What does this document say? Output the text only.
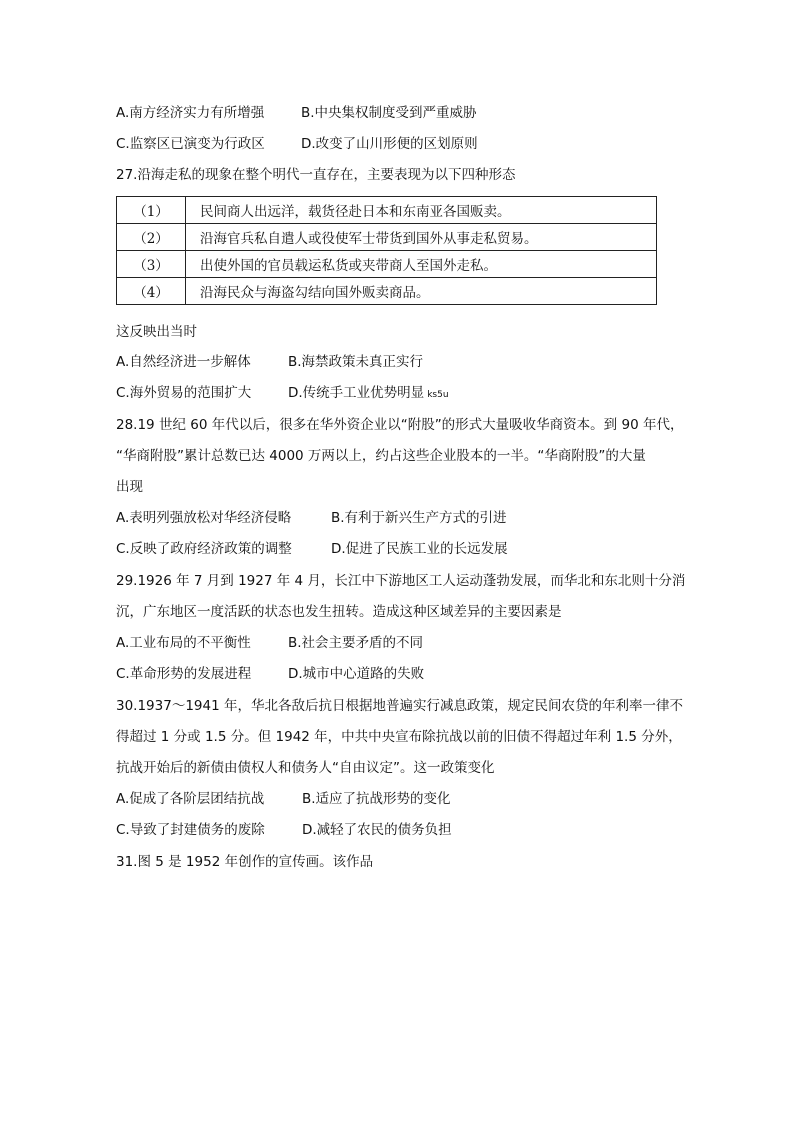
A.南方经济实力有所增强	B.中央集权制度受到严重威胁
C.监察区已演变为行政区	D.改变了山川形便的区划原则
27.沿海走私的现象在整个明代一直存在，主要表现为以下四种形态
（1）	民间商人出远洋，载货径赴日本和东南亚各国贩卖。
（2）	沿海官兵私自遣人或役使军士带货到国外从事走私贸易。
（3）	出使外国的官员载运私货或夹带商人至国外走私。
（4）	沿海民众与海盗勾结向国外贩卖商品。
这反映出当时
A.自然经济进一步解体	B.海禁政策未真正实行
C.海外贸易的范围扩大	D.传统手工业优势明显 ks5u
28.19 世纪 60 年代以后，很多在华外资企业以“附股”的形式大量吸收华商资本。到 90 年代，
“华商附股”累计总数已达 4000 万两以上，约占这些企业股本的一半。“华商附股”的大量
出现
A.表明列强放松对华经济侵略	B.有利于新兴生产方式的引进
C.反映了政府经济政策的调整	D.促进了民族工业的长远发展
29.1926 年 7 月到 1927 年 4 月，长江中下游地区工人运动蓬勃发展，而华北和东北则十分消
沉，广东地区一度活跃的状态也发生扭转。造成这种区域差异的主要因素是
A.工业布局的不平衡性	B.社会主要矛盾的不同
C.革命形势的发展进程	D.城市中心道路的失败
30.1937～1941 年，华北各敌后抗日根据地普遍实行减息政策，规定民间农贷的年利率一律不
得超过 1 分或 1.5 分。但 1942 年，中共中央宣布除抗战以前的旧债不得超过年利 1.5 分外，
抗战开始后的新债由债权人和债务人“自由议定”。这一政策变化
A.促成了各阶层团结抗战	B.适应了抗战形势的变化
C.导致了封建债务的废除	D.减轻了农民的债务负担
31.图 5 是 1952 年创作的宣传画。该作品
